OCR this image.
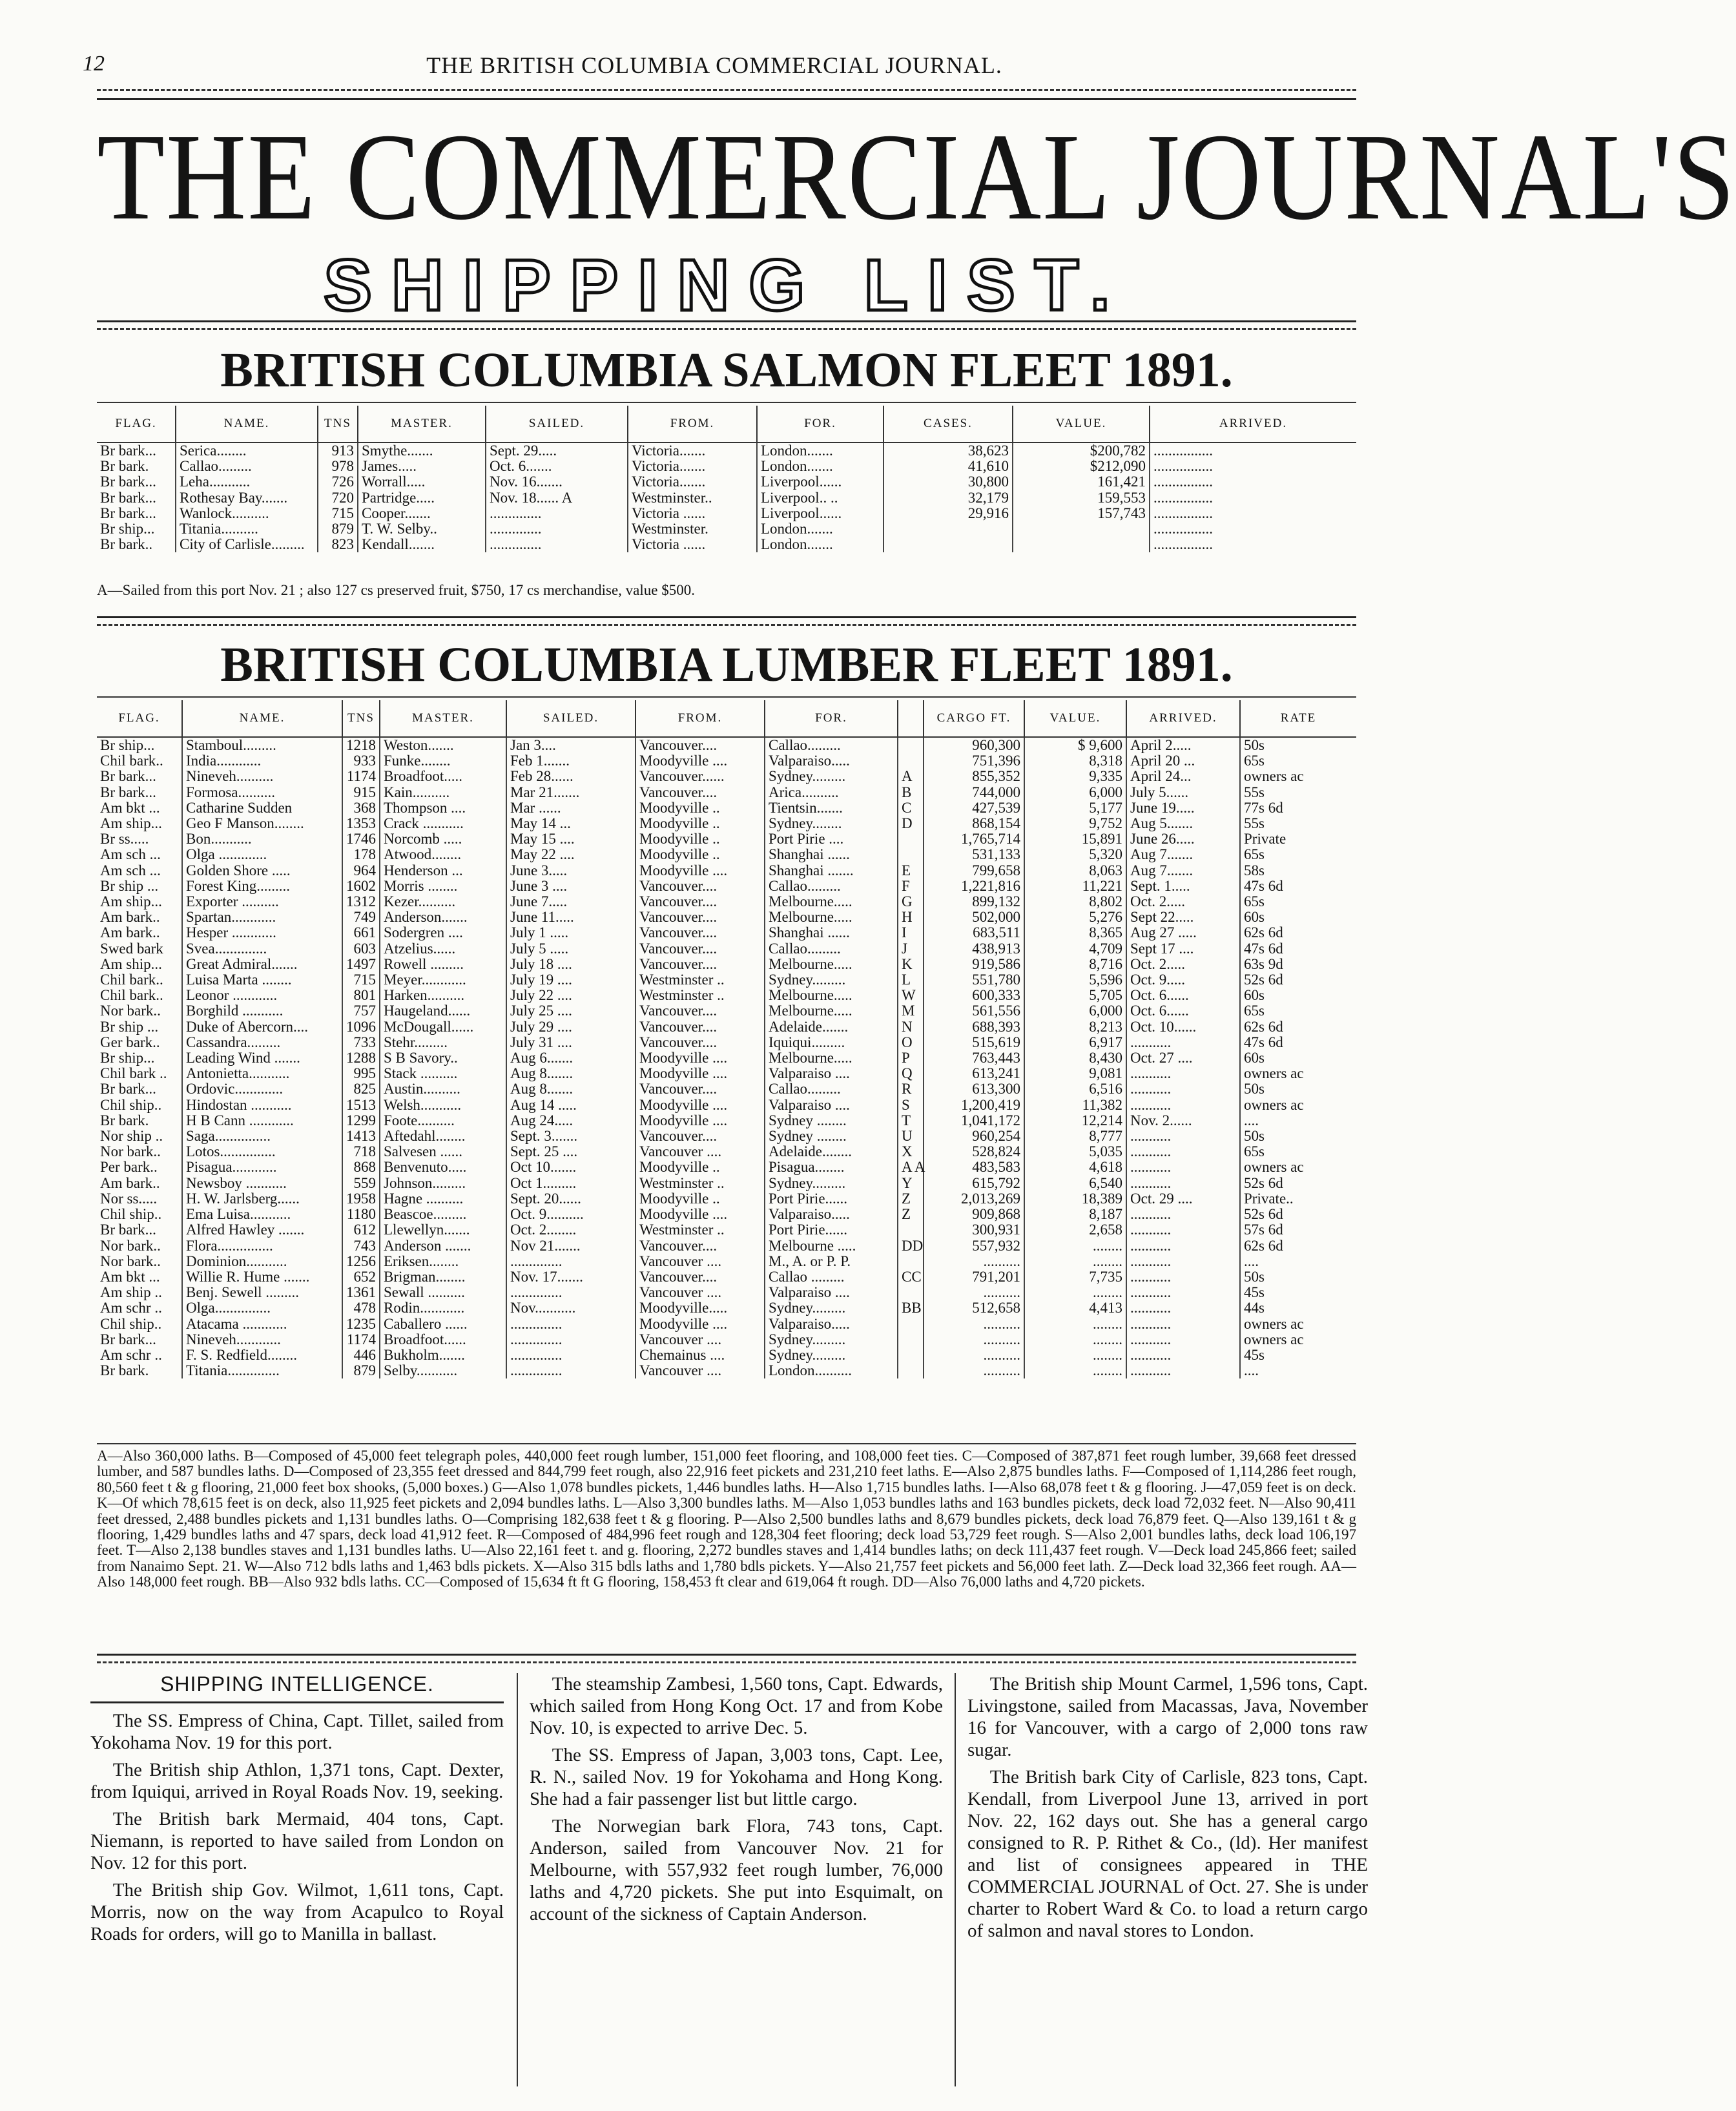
12	THE BRITISH COLUMBIA COMMERCIAL JOURNAL.
THE COMMERCIAL JOURNAL'S
SHIPPING LIST.
BRITISH COLUMBIA SALMON FLEET 1891.
FLAG.	NAME.	TNS	MASTER.	SAILED.	FROM.	FOR.	CASES.	VALUE.	ARRIVED.
Br bark...	Serica........	913	Smythe.......	Sept. 29.....	Victoria.......	London.......	38,623	$200,782	................
Br bark.	Callao.........	978	James.....	Oct. 6.......	Victoria.......	London.......	41,610	$212,090	................
Br bark...	Leha...........	726	Worrall.....	Nov. 16.......	Victoria.......	Liverpool......	30,800	161,421	................
Br bark...	Rothesay Bay.......	720	Partridge.....	Nov. 18...... A	Westminster..	Liverpool.. ..	32,179	159,553	................
Br bark...	Wanlock..........	715	Cooper.......	..............	Victoria ......	Liverpool......	29,916	157,743	................
Br ship...	Titania..........	879	T. W. Selby..	..............	Westminster.	London.......			................
Br bark..	City of Carlisle.........	823	Kendall.......	..............	Victoria ......	London.......			................
A—Sailed from this port Nov. 21 ; also 127 cs preserved fruit, $750, 17 cs merchandise, value $500.
BRITISH COLUMBIA LUMBER FLEET 1891.
FLAG.	NAME.	TNS	MASTER.	SAILED.	FROM.	FOR.		CARGO FT.	VALUE.	ARRIVED.	RATE
Br ship...	Stamboul.........	1218	Weston.......	Jan 3....	Vancouver....	Callao.........		960,300	$ 9,600	April 2.....	50s
Chil bark..	India............	933	Funke........	Feb 1.......	Moodyville ....	Valparaiso.....		751,396	8,318	April 20 ...	65s
Br bark...	Nineveh..........	1174	Broadfoot.....	Feb 28......	Vancouver......	Sydney.........	A	855,352	9,335	April 24...	owners ac
Br bark...	Formosa..........	915	Kain..........	Mar 21.......	Vancouver....	Arica..........	B	744,000	6,000	July 5......	55s
Am bkt ...	Catharine Sudden	368	Thompson ....	Mar ......	Moodyville ..	Tientsin.......	C	427,539	5,177	June 19.....	77s 6d
Am ship...	Geo F Manson........	1353	Crack ...........	May 14 ...	Moodyville ..	Sydney........	D	868,154	9,752	Aug 5.......	55s
Br ss.....	Bon...........	1746	Norcomb .....	May 15 ....	Moodyville ..	Port Pirie ....		1,765,714	15,891	June 26.....	Private
Am sch ...	Olga .............	178	Atwood........	May 22 ....	Moodyville ..	Shanghai ......		531,133	5,320	Aug 7.......	65s
Am sch ...	Golden Shore .....	964	Henderson ...	June 3.....	Moodyville ....	Shanghai .......	E	799,658	8,063	Aug 7.......	58s
Br ship ...	Forest King.........	1602	Morris ........	June 3 ....	Vancouver....	Callao.........	F	1,221,816	11,221	Sept. 1.....	47s 6d
Am ship...	Exporter ..........	1312	Kezer..........	June 7.....	Vancouver....	Melbourne.....	G	899,132	8,802	Oct. 2.....	65s
Am bark..	Spartan............	749	Anderson.......	June 11.....	Vancouver....	Melbourne.....	H	502,000	5,276	Sept 22.....	60s
Am bark..	Hesper ............	661	Sodergren ....	July 1 .....	Vancouver....	Shanghai ......	I	683,511	8,365	Aug 27 .....	62s 6d
Swed bark	Svea..............	603	Atzelius......	July 5 .....	Vancouver....	Callao.........	J	438,913	4,709	Sept 17 ....	47s 6d
Am ship...	Great Admiral.......	1497	Rowell .........	July 18 ....	Vancouver....	Melbourne.....	K	919,586	8,716	Oct. 2.....	63s 9d
Chil bark..	Luisa Marta ........	715	Meyer............	July 19 ....	Westminster ..	Sydney.........	L	551,780	5,596	Oct. 9.....	52s 6d
Chil bark..	Leonor ............	801	Harken..........	July 22 ....	Westminster ..	Melbourne.....	W	600,333	5,705	Oct. 6......	60s
Nor bark..	Borghild ...........	757	Haugeland......	July 25 ....	Vancouver....	Melbourne.....	M	561,556	6,000	Oct. 6......	65s
Br ship ...	Duke of Abercorn....	1096	McDougall......	July 29 ....	Vancouver....	Adelaide.......	N	688,393	8,213	Oct. 10......	62s 6d
Ger bark..	Cassandra.........	733	Stehr.........	July 31 ....	Vancouver....	Iquiqui.........	O	515,619	6,917	...........	47s 6d
Br ship...	Leading Wind .......	1288	S B Savory..	Aug 6.......	Moodyville ....	Melbourne.....	P	763,443	8,430	Oct. 27 ....	60s
Chil bark ..	Antonietta...........	995	Stack ..........	Aug 8.......	Moodyville ....	Valparaiso ....	Q	613,241	9,081	...........	owners ac
Br bark...	Ordovic.............	825	Austin..........	Aug 8.......	Vancouver....	Callao.........	R	613,300	6,516	...........	50s
Chil ship..	Hindostan ...........	1513	Welsh...........	Aug 14 .....	Moodyville ....	Valparaiso ....	S	1,200,419	11,382	...........	owners ac
Br bark.	H B Cann ............	1299	Foote..........	Aug 24.....	Moodyville ....	Sydney ........	T	1,041,172	12,214	Nov. 2......	....
Nor ship ..	Saga...............	1413	Aftedahl........	Sept. 3.......	Vancouver....	Sydney ........	U	960,254	8,777	...........	50s
Nor bark..	Lotos...............	718	Salvesen ......	Sept. 25 ....	Vancouver ....	Adelaide........	X	528,824	5,035	...........	65s
Per bark..	Pisagua............	868	Benvenuto.....	Oct 10.......	Moodyville ..	Pisagua........	A A	483,583	4,618	...........	owners ac
Am bark..	Newsboy ...........	559	Johnson.........	Oct 1.........	Westminster ..	Sydney.........	Y	615,792	6,540	...........	52s 6d
Nor ss.....	H. W. Jarlsberg......	1958	Hagne ..........	Sept. 20......	Moodyville ..	Port Pirie......	Z	2,013,269	18,389	Oct. 29 ....	Private..
Chil ship..	Ema Luisa...........	1180	Beascoe.........	Oct. 9..........	Moodyville ....	Valparaiso.....	Z	909,868	8,187	...........	52s 6d
Br bark...	Alfred Hawley .......	612	Llewellyn.......	Oct. 2........	Westminster ..	Port Pirie......		300,931	2,658	...........	57s 6d
Nor bark..	Flora...............	743	Anderson .......	Nov 21.......	Vancouver....	Melbourne .....	DD	557,932	........	...........	62s 6d
Nor bark..	Dominion...........	1256	Eriksen........	..............	Vancouver ....	M., A. or P. P.		..........	........	...........	....
Am bkt ...	Willie R. Hume .......	652	Brigman........	Nov. 17.......	Vancouver....	Callao .........	CC	791,201	7,735	...........	50s
Am ship ..	Benj. Sewell .........	1361	Sewall ..........	..............	Vancouver ....	Valparaiso ....		..........	........	...........	45s
Am schr ..	Olga...............	478	Rodin............	Nov...........	Moodyville.....	Sydney.........	BB	512,658	4,413	...........	44s
Chil ship..	Atacama ............	1235	Caballero ......	..............	Moodyville ....	Valparaiso.....		..........	........	...........	owners ac
Br bark...	Nineveh............	1174	Broadfoot......	..............	Vancouver ....	Sydney.........		..........	........	...........	owners ac
Am schr ..	F. S. Redfield........	446	Bukholm.......	..............	Chemainus ....	Sydney.........		..........	........	...........	45s
Br bark.	Titania..............	879	Selby...........	..............	Vancouver ....	London..........		..........	........	...........	....
A—Also 360,000 laths. B—Composed of 45,000 feet telegraph poles, 440,000 feet rough lumber, 151,000 feet flooring, and 108,000 feet ties. C—Composed of 387,871 feet rough lumber, 39,668 feet dressed lumber, and 587 bundles laths. D—Composed of 23,355 feet dressed and 844,799 feet rough, also 22,916 feet pickets and 231,210 feet laths. E—Also 2,875 bundles laths. F—Composed of 1,114,286 feet rough, 80,560 feet t & g flooring, 21,000 feet box shooks, (5,000 boxes.) G—Also 1,078 bundles pickets, 1,446 bundles laths. H—Also 1,715 bundles laths. I—Also 68,078 feet t & g flooring. J—47,059 feet is on deck. K—Of which 78,615 feet is on deck, also 11,925 feet pickets and 2,094 bundles laths. L—Also 3,300 bundles laths. M—Also 1,053 bundles laths and 163 bundles pickets, deck load 72,032 feet. N—Also 90,411 feet dressed, 2,488 bundles pickets and 1,131 bundles laths. O—Comprising 182,638 feet t & g flooring. P—Also 2,500 bundles laths and 8,679 bundles pickets, deck load 76,879 feet. Q—Also 139,161 t & g flooring, 1,429 bundles laths and 47 spars, deck load 41,912 feet. R—Composed of 484,996 feet rough and 128,304 feet flooring; deck load 53,729 feet rough. S—Also 2,001 bundles laths, deck load 106,197 feet. T—Also 2,138 bundles staves and 1,131 bundles laths. U—Also 22,161 feet t. and g. flooring, 2,272 bundles staves and 1,414 bundles laths; on deck 111,437 feet rough. V—Deck load 245,866 feet; sailed from Nanaimo Sept. 21. W—Also 712 bdls laths and 1,463 bdls pickets. X—Also 315 bdls laths and 1,780 bdls pickets. Y—Also 21,757 feet pickets and 56,000 feet lath. Z—Deck load 32,366 feet rough. AA—Also 148,000 feet rough. BB—Also 932 bdls laths. CC—Composed of 15,634 ft ft G flooring, 158,453 ft clear and 619,064 ft rough. DD—Also 76,000 laths and 4,720 pickets.
SHIPPING INTELLIGENCE.

The SS. Empress of China, Capt. Tillet, sailed from Yokohama Nov. 19 for this port.

The British ship Athlon, 1,371 tons, Capt. Dexter, from Iquiqui, arrived in Royal Roads Nov. 19, seeking.

The British bark Mermaid, 404 tons, Capt. Niemann, is reported to have sailed from London on Nov. 12 for this port.

The British ship Gov. Wilmot, 1,611 tons, Capt. Morris, now on the way from Acapulco to Royal Roads for orders, will go to Manilla in ballast.

The steamship Zambesi, 1,560 tons, Capt. Edwards, which sailed from Hong Kong Oct. 17 and from Kobe Nov. 10, is expected to arrive Dec. 5.

The SS. Empress of Japan, 3,003 tons, Capt. Lee, R. N., sailed Nov. 19 for Yokohama and Hong Kong. She had a fair passenger list but little cargo.

The Norwegian bark Flora, 743 tons, Capt. Anderson, sailed from Vancouver Nov. 21 for Melbourne, with 557,932 feet rough lumber, 76,000 laths and 4,720 pickets. She put into Esquimalt, on account of the sickness of Captain Anderson.

The British ship Mount Carmel, 1,596 tons, Capt. Livingstone, sailed from Macassas, Java, November 16 for Vancouver, with a cargo of 2,000 tons raw sugar.

The British bark City of Carlisle, 823 tons, Capt. Kendall, from Liverpool June 13, arrived in port Nov. 22, 162 days out. She has a general cargo consigned to R. P. Rithet & Co., (ld). Her manifest and list of consignees appeared in THE COMMERCIAL JOURNAL of Oct. 27. She is under charter to Robert Ward & Co. to load a return cargo of salmon and naval stores to London.
